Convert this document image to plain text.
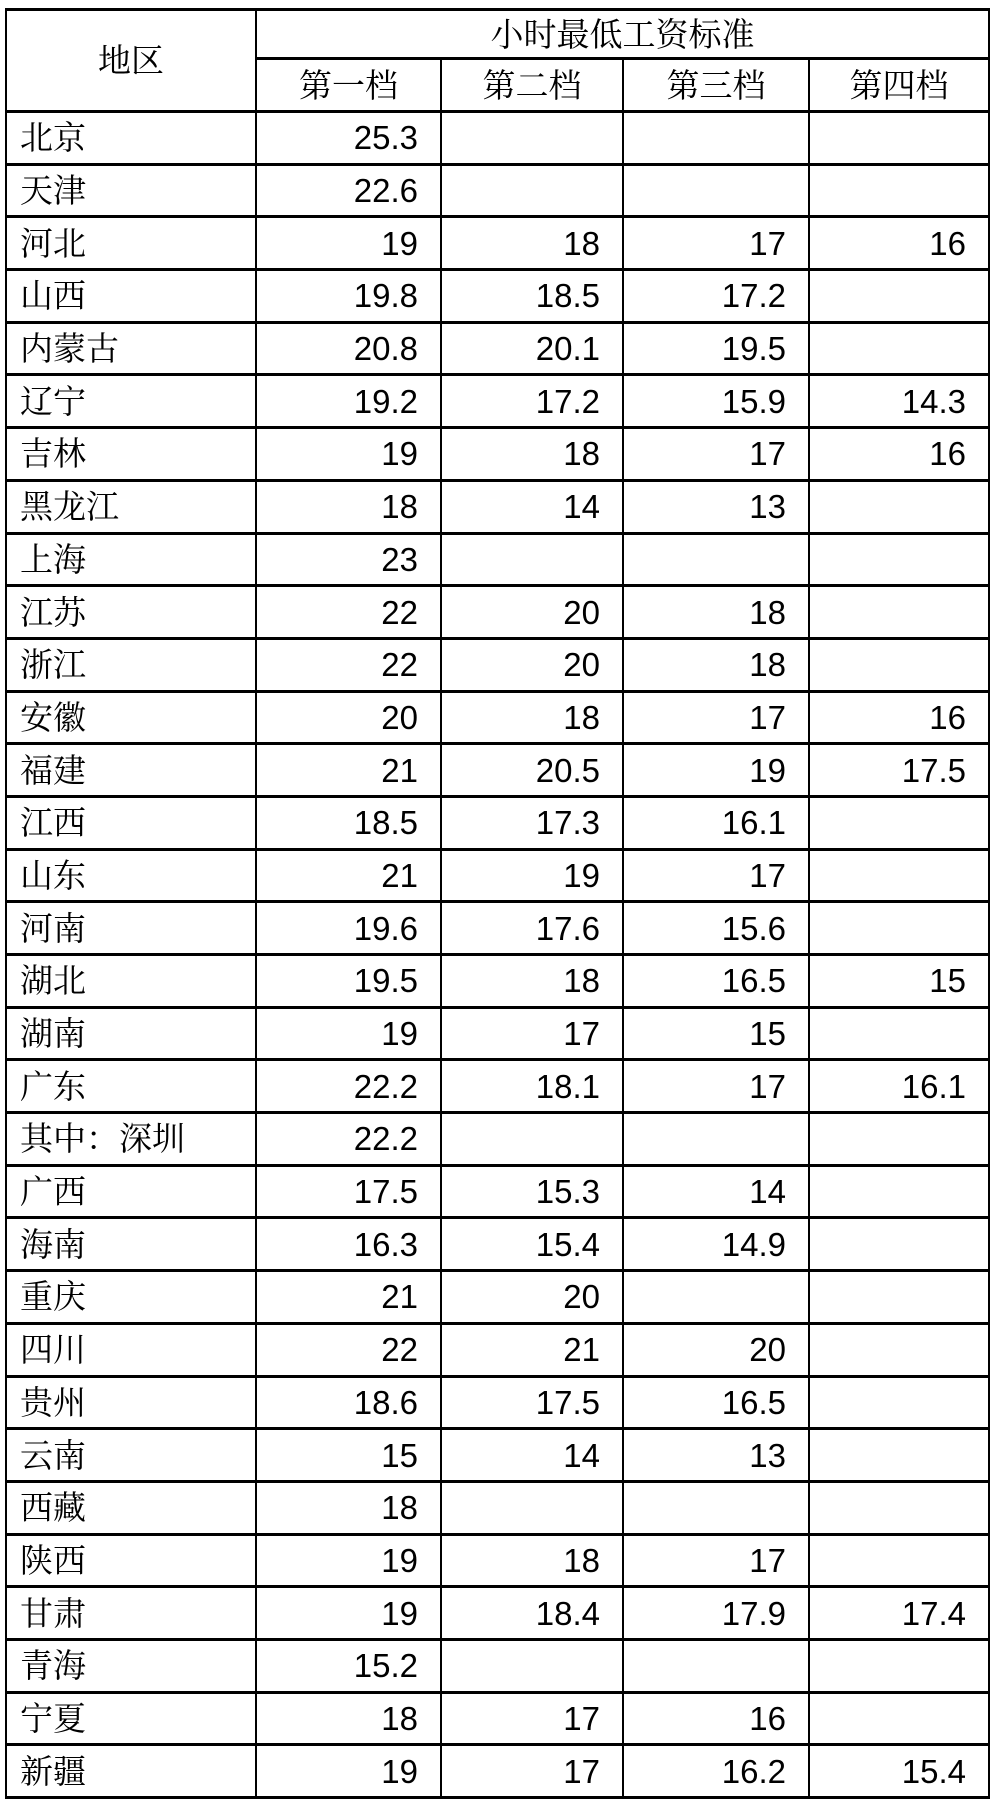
地区	小时最低工资标准			
	第一档	第二档	第三档	第四档
北京	25.3			
天津	22.6			
河北	19	18	17	16
山西	19.8	18.5	17.2	
内蒙古	20.8	20.1	19.5	
辽宁	19.2	17.2	15.9	14.3
吉林	19	18	17	16
黑龙江	18	14	13	
上海	23			
江苏	22	20	18	
浙江	22	20	18	
安徽	20	18	17	16
福建	21	20.5	19	17.5
江西	18.5	17.3	16.1	
山东	21	19	17	
河南	19.6	17.6	15.6	
湖北	19.5	18	16.5	15
湖南	19	17	15	
广东	22.2	18.1	17	16.1
其中：深圳	22.2			
广西	17.5	15.3	14	
海南	16.3	15.4	14.9	
重庆	21	20		
四川	22	21	20	
贵州	18.6	17.5	16.5	
云南	15	14	13	
西藏	18			
陕西	19	18	17	
甘肃	19	18.4	17.9	17.4
青海	15.2			
宁夏	18	17	16	
新疆	19	17	16.2	15.4
